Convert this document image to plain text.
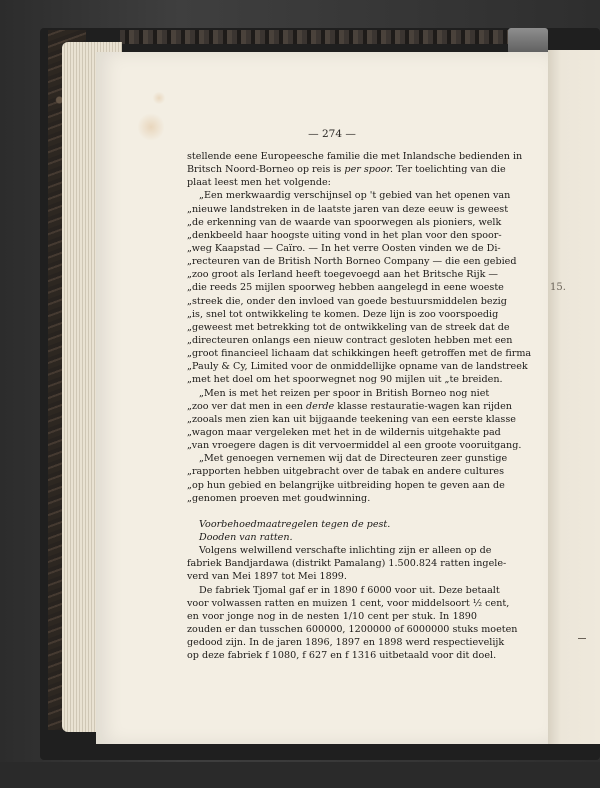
15.
— 274 —
stellende eene Europeesche familie die met Inlandsche bedienden in
Britsch Noord-Borneo op reis is per spoor. Ter toelichting van die
plaat leest men het volgende:
„Een merkwaardig verschijnsel op 't gebied van het openen van
„nieuwe landstreken in de laatste jaren van deze eeuw is geweest
„de erkenning van de waarde van spoorwegen als pioniers, welk
„denkbeeld haar hoogste uiting vond in het plan voor den spoor-
„weg Kaapstad — Caïro. — In het verre Oosten vinden we de Di-
„recteuren van de British North Borneo Company — die een gebied
„zoo groot als Ierland heeft toegevoegd aan het Britsche Rijk —
„die reeds 25 mijlen spoorweg hebben aangelegd in eene woeste
„streek die, onder den invloed van goede bestuursmiddelen bezig
„is, snel tot ontwikkeling te komen. Deze lijn is zoo voorspoedig
„geweest met betrekking tot de ontwikkeling van de streek dat de
„directeuren onlangs een nieuw contract gesloten hebben met een
„groot financieel lichaam dat schikkingen heeft getroffen met de firma
„Pauly & Cy, Limited voor de onmiddellijke opname van de landstreek
„met het doel om het spoorwegnet nog 90 mijlen uit „te breiden.
„Men is met het reizen per spoor in British Borneo nog niet
„zoo ver dat men in een derde klasse restauratie-wagen kan rijden
„zooals men zien kan uit bijgaande teekening van een eerste klasse
„wagon maar vergeleken met het in de wildernis uitgehakte pad
„van vroegere dagen is dit vervoermiddel al een groote vooruitgang.
„Met genoegen vernemen wij dat de Directeuren zeer gunstige
„rapporten hebben uitgebracht over de tabak en andere cultures
„op hun gebied en belangrijke uitbreiding hopen te geven aan de
„genomen proeven met goudwinning.
Voorbehoedmaatregelen tegen de pest.
Dooden van ratten.
Volgens welwillend verschafte inlichting zijn er alleen op de
fabriek Bandjardawa (distrikt Pamalang) 1.500.824 ratten ingele-
verd van Mei 1897 tot Mei 1899.
De fabriek Tjomal gaf er in 1890 f 6000 voor uit. Deze betaalt
voor volwassen ratten en muizen 1 cent, voor middelsoort ½ cent,
en voor jonge nog in de nesten 1/10 cent per stuk. In 1890
zouden er dan tusschen 600000, 1200000 of 6000000 stuks moeten
gedood zijn. In de jaren 1896, 1897 en 1898 werd respectievelijk
op deze fabriek f 1080, f 627 en f 1316 uitbetaald voor dit doel.
